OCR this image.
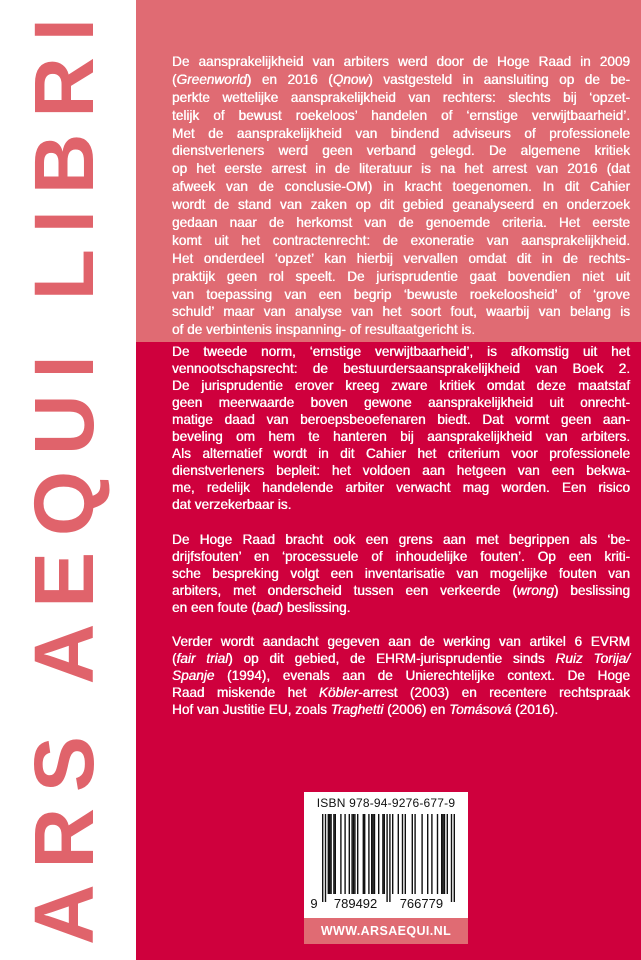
ARS AEQUI LIBRI
De aansprakelijkheid van arbiters werd door de Hoge Raad in 2009
(Greenworld) en 2016 (Qnow) vastgesteld in aansluiting op de be-
perkte wettelijke aansprakelijkheid van rechters: slechts bij ‘opzet-
telijk of bewust roekeloos’ handelen of ‘ernstige verwijtbaarheid’.
Met de aansprakelijkheid van bindend adviseurs of professionele
dienstverleners werd geen verband gelegd. De algemene kritiek
op het eerste arrest in de literatuur is na het arrest van 2016 (dat
afweek van de conclusie-OM) in kracht toegenomen. In dit Cahier
wordt de stand van zaken op dit gebied geanalyseerd en onderzoek
gedaan naar de herkomst van de genoemde criteria. Het eerste
komt uit het contractenrecht: de exoneratie van aansprakelijkheid.
Het onderdeel ‘opzet’ kan hierbij vervallen omdat dit in de rechts-
praktijk geen rol speelt. De jurisprudentie gaat bovendien niet uit
van toepassing van een begrip ‘bewuste roekeloosheid’ of ‘grove
schuld’ maar van analyse van het soort fout, waarbij van belang is
of de verbintenis inspanning- of resultaatgericht is.
De tweede norm, ‘ernstige verwijtbaarheid’, is afkomstig uit het
vennootschapsrecht: de bestuurdersaansprakelijkheid van Boek 2.
De jurisprudentie erover kreeg zware kritiek omdat deze maatstaf
geen meerwaarde boven gewone aansprakelijkheid uit onrecht-
matige daad van beroepsbeoefenaren biedt. Dat vormt geen aan-
beveling om hem te hanteren bij aansprakelijkheid van arbiters.
Als alternatief wordt in dit Cahier het criterium voor professionele
dienstverleners bepleit: het voldoen aan hetgeen van een bekwa-
me, redelijk handelende arbiter verwacht mag worden. Een risico
dat verzekerbaar is.
De Hoge Raad bracht ook een grens aan met begrippen als ‘be-
drijfsfouten’ en ‘processuele of inhoudelijke fouten’. Op een kriti-
sche bespreking volgt een inventarisatie van mogelijke fouten van
arbiters, met onderscheid tussen een verkeerde (wrong) beslissing
en een foute (bad) beslissing.
Verder wordt aandacht gegeven aan de werking van artikel 6 EVRM
(fair trial) op dit gebied, de EHRM-jurisprudentie sinds Ruiz Torija/
Spanje (1994), evenals aan de Unierechtelijke context. De Hoge
Raad miskende het Köbler-arrest (2003) en recentere rechtspraak
Hof van Justitie EU, zoals Traghetti (2006) en Tomásová (2016).
9 789492 766779
ISBN 978-94-9276-677-9
WWW.ARSAEQUI.NL
